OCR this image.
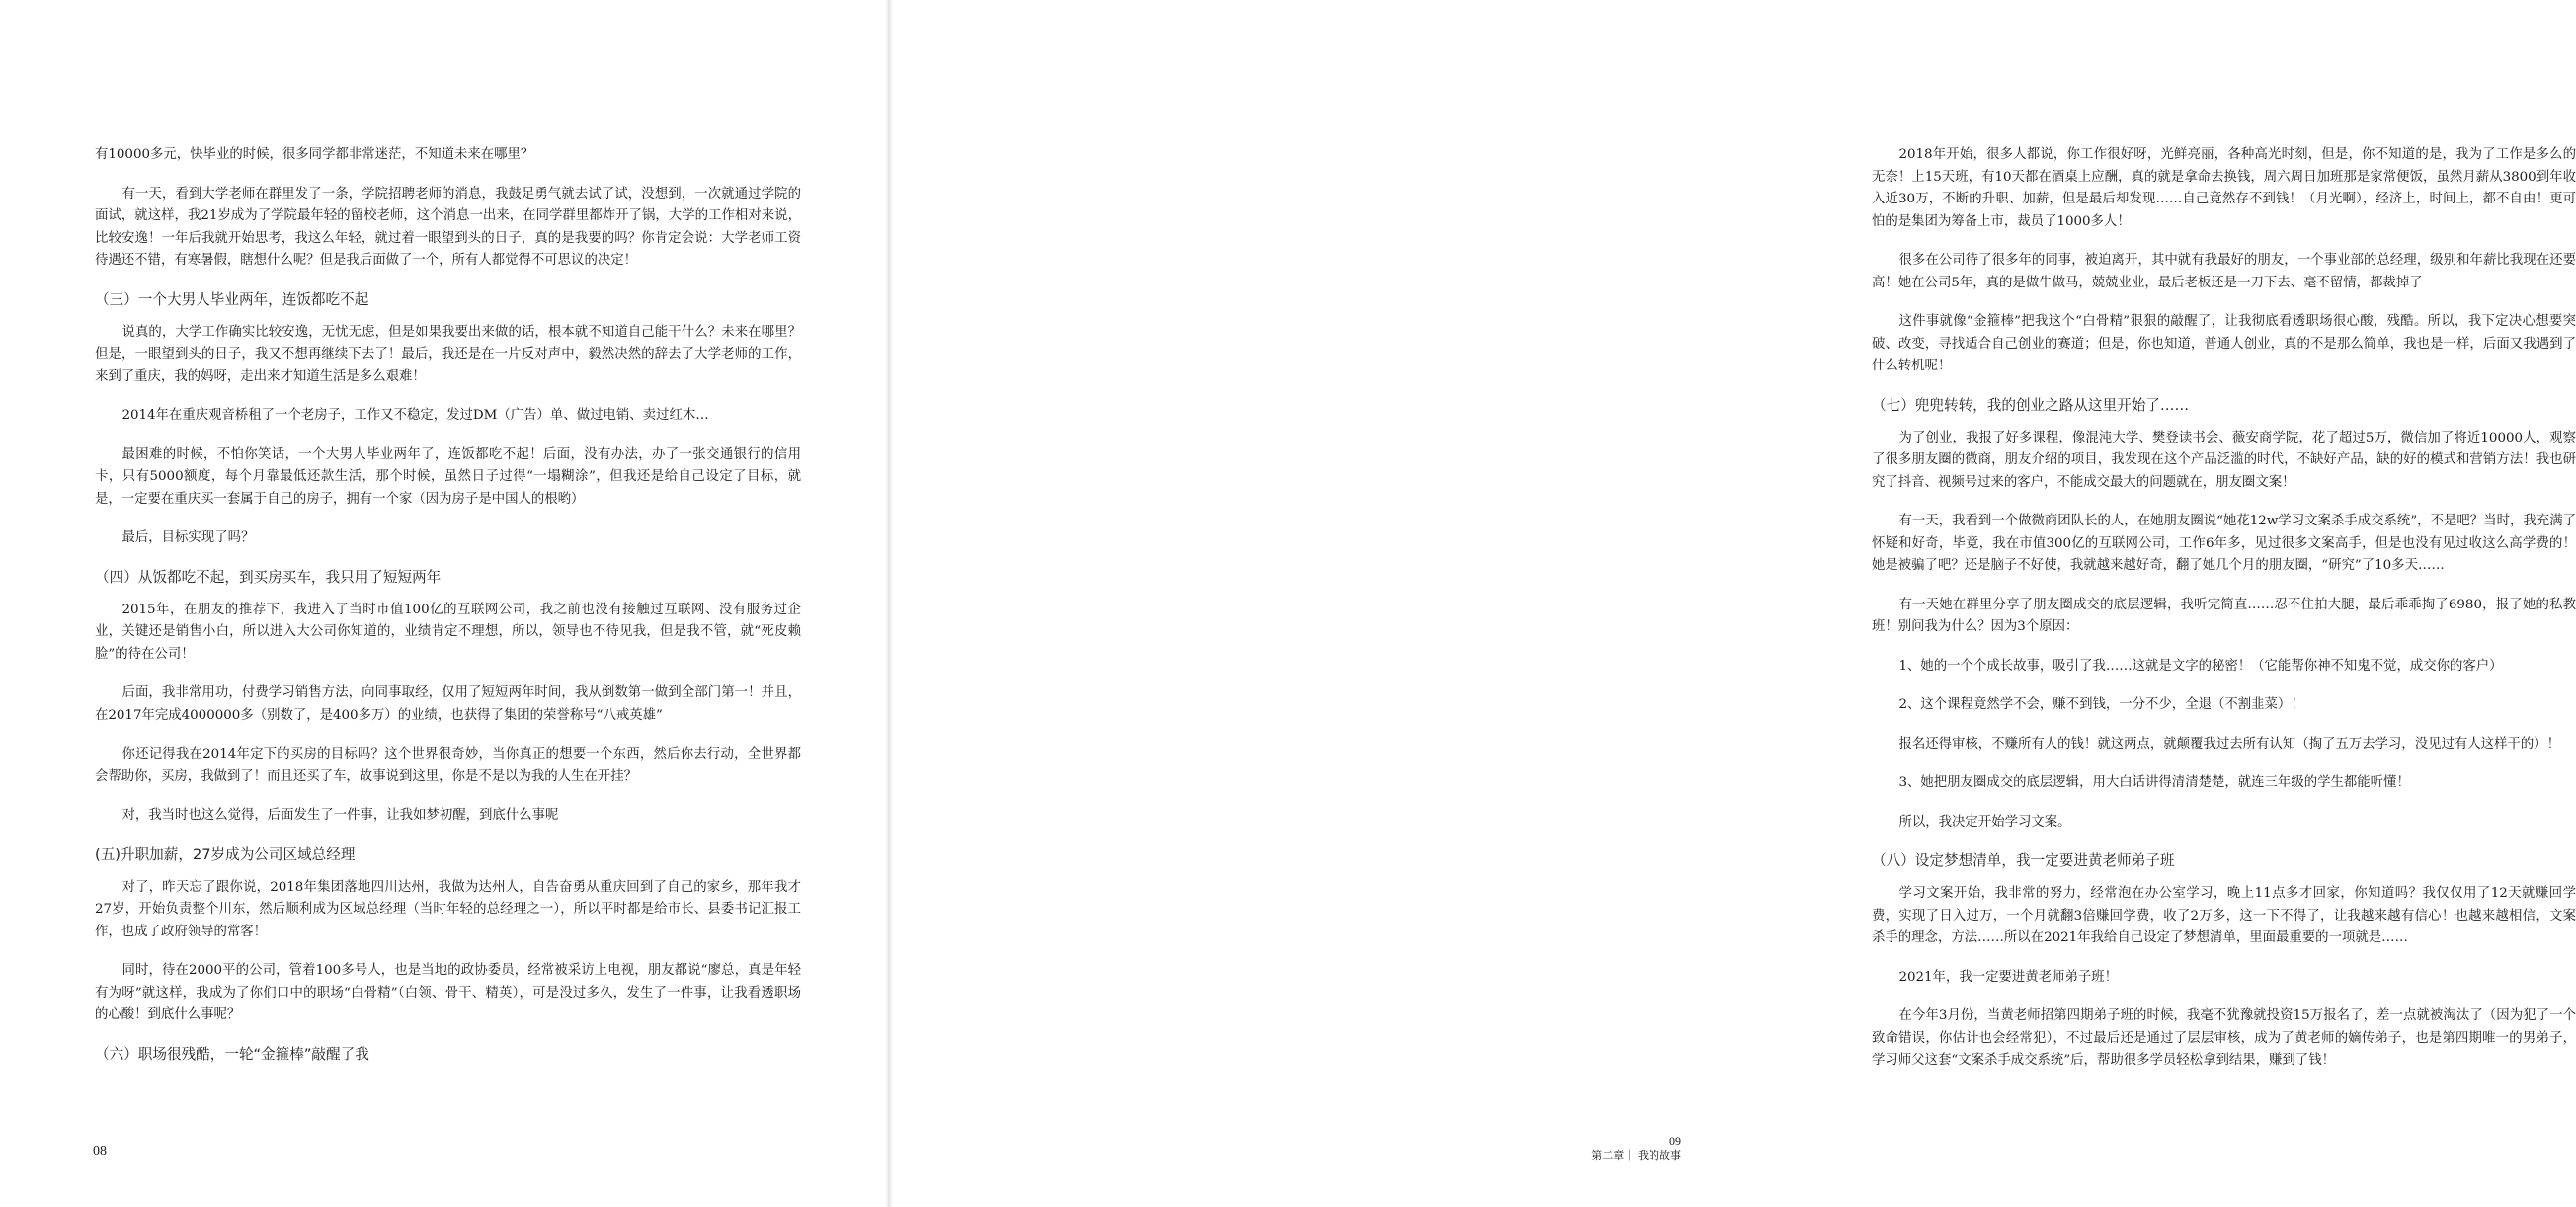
有10000多元，快毕业的时候，很多同学都非常迷茫，不知道未来在哪里？

有一天，看到大学老师在群里发了一条，学院招聘老师的消息，我鼓足勇气就去试了试，没想到，一次就通过学院的面试，就这样，我21岁成为了学院最年轻的留校老师，这个消息一出来，在同学群里都炸开了锅，大学的工作相对来说，比较安逸！一年后我就开始思考，我这么年轻，就过着一眼望到头的日子，真的是我要的吗？你肯定会说：大学老师工资待遇还不错，有寒暑假，瞎想什么呢？但是我后面做了一个，所有人都觉得不可思议的决定！

（三）一个大男人毕业两年，连饭都吃不起

说真的，大学工作确实比较安逸，无忧无虑，但是如果我要出来做的话，根本就不知道自己能干什么？未来在哪里？但是，一眼望到头的日子，我又不想再继续下去了！最后，我还是在一片反对声中，毅然决然的辞去了大学老师的工作，来到了重庆，我的妈呀，走出来才知道生活是多么艰难！

2014年在重庆观音桥租了一个老房子，工作又不稳定，发过DM（广告）单、做过电销、卖过红木…

最困难的时候，不怕你笑话，一个大男人毕业两年了，连饭都吃不起！后面，没有办法，办了一张交通银行的信用卡，只有5000额度，每个月靠最低还款生活，那个时候，虽然日子过得“一塌糊涂”，但我还是给自己设定了目标，就是，一定要在重庆买一套属于自己的房子，拥有一个家（因为房子是中国人的根哟）

最后，目标实现了吗？

（四）从饭都吃不起，到买房买车，我只用了短短两年

2015年，在朋友的推荐下，我进入了当时市值100亿的互联网公司，我之前也没有接触过互联网、没有服务过企业，关键还是销售小白，所以进入大公司你知道的，业绩肯定不理想，所以，领导也不待见我，但是我不管，就“死皮赖脸”的待在公司！

后面，我非常用功，付费学习销售方法，向同事取经，仅用了短短两年时间，我从倒数第一做到全部门第一！并且，在2017年完成4000000多（别数了，是400多万）的业绩，也获得了集团的荣誉称号“八戒英雄”

你还记得我在2014年定下的买房的目标吗？这个世界很奇妙，当你真正的想要一个东西，然后你去行动，全世界都会帮助你，买房，我做到了！而且还买了车，故事说到这里，你是不是以为我的人生在开挂？

对，我当时也这么觉得，后面发生了一件事，让我如梦初醒，到底什么事呢

(五)升职加薪，27岁成为公司区域总经理

对了，昨天忘了跟你说，2018年集团落地四川达州，我做为达州人，自告奋勇从重庆回到了自己的家乡，那年我才27岁，开始负责整个川东，然后顺利成为区域总经理（当时年轻的总经理之一），所以平时都是给市长、县委书记汇报工作，也成了政府领导的常客！

同时，待在2000平的公司，管着100多号人，也是当地的政协委员，经常被采访上电视，朋友都说“廖总，真是年轻有为呀”就这样，我成为了你们口中的职场“白骨精”（白领、骨干、精英），可是没过多久，发生了一件事，让我看透职场的心酸！到底什么事呢？

（六）职场很残酷，一轮“金箍棒”敲醒了我
08

2018年开始，很多人都说，你工作很好呀，光鲜亮丽，各种高光时刻，但是，你不知道的是，我为了工作是多么的无奈！上15天班，有10天都在酒桌上应酬，真的就是拿命去换钱，周六周日加班那是家常便饭，虽然月薪从3800到年收入近30万，不断的升职、加薪，但是最后却发现……自己竟然存不到钱！（月光啊），经济上，时间上，都不自由！更可怕的是集团为筹备上市，裁员了1000多人！

很多在公司待了很多年的同事，被迫离开，其中就有我最好的朋友，一个事业部的总经理，级别和年薪比我现在还要高！她在公司5年，真的是做牛做马，兢兢业业，最后老板还是一刀下去、毫不留情，都裁掉了

这件事就像“金箍棒”把我这个“白骨精”狠狠的敲醒了，让我彻底看透职场很心酸，残酷。所以，我下定决心想要突破、改变，寻找适合自己创业的赛道；但是，你也知道，普通人创业，真的不是那么简单，我也是一样，后面又我遇到了什么转机呢！

（七）兜兜转转，我的创业之路从这里开始了……

为了创业，我报了好多课程，像混沌大学、樊登读书会、薇安商学院，花了超过5万，微信加了将近10000人，观察了很多朋友圈的微商，朋友介绍的项目，我发现在这个产品泛滥的时代，不缺好产品，缺的好的模式和营销方法！我也研究了抖音、视频号过来的客户，不能成交最大的问题就在，朋友圈文案！

有一天，我看到一个做微商团队长的人，在她朋友圈说“她花12w学习文案杀手成交系统”，不是吧？当时，我充满了怀疑和好奇，毕竟，我在市值300亿的互联网公司，工作6年多，见过很多文案高手，但是也没有见过收这么高学费的！她是被骗了吧？还是脑子不好使，我就越来越好奇，翻了她几个月的朋友圈，“研究”了10多天……

有一天她在群里分享了朋友圈成交的底层逻辑，我听完简直……忍不住拍大腿，最后乖乖掏了6980，报了她的私教班！别问我为什么？因为3个原因：

1、她的一个个成长故事，吸引了我……这就是文字的秘密！（它能帮你神不知鬼不觉，成交你的客户）

2、这个课程竟然学不会，赚不到钱，一分不少，全退（不割韭菜）！

报名还得审核，不赚所有人的钱！就这两点，就颠覆我过去所有认知（掏了五万去学习，没见过有人这样干的）！

3、她把朋友圈成交的底层逻辑，用大白话讲得清清楚楚，就连三年级的学生都能听懂！

所以，我决定开始学习文案。

（八）设定梦想清单，我一定要进黄老师弟子班

学习文案开始，我非常的努力，经常泡在办公室学习，晚上11点多才回家，你知道吗？我仅仅用了12天就赚回学费，实现了日入过万，一个月就翻3倍赚回学费，收了2万多，这一下不得了，让我越来越有信心！也越来越相信，文案杀手的理念，方法……所以在2021年我给自己设定了梦想清单，里面最重要的一项就是……

2021年，我一定要进黄老师弟子班！

在今年3月份，当黄老师招第四期弟子班的时候，我毫不犹豫就投资15万报名了，差一点就被淘汰了（因为犯了一个致命错误，你估计也会经常犯），不过最后还是通过了层层审核，成为了黄老师的嫡传弟子，也是第四期唯一的男弟子，学习师父这套“文案杀手成交系统”后，帮助很多学员轻松拿到结果，赚到了钱！

09
第二章｜ 我的故事
